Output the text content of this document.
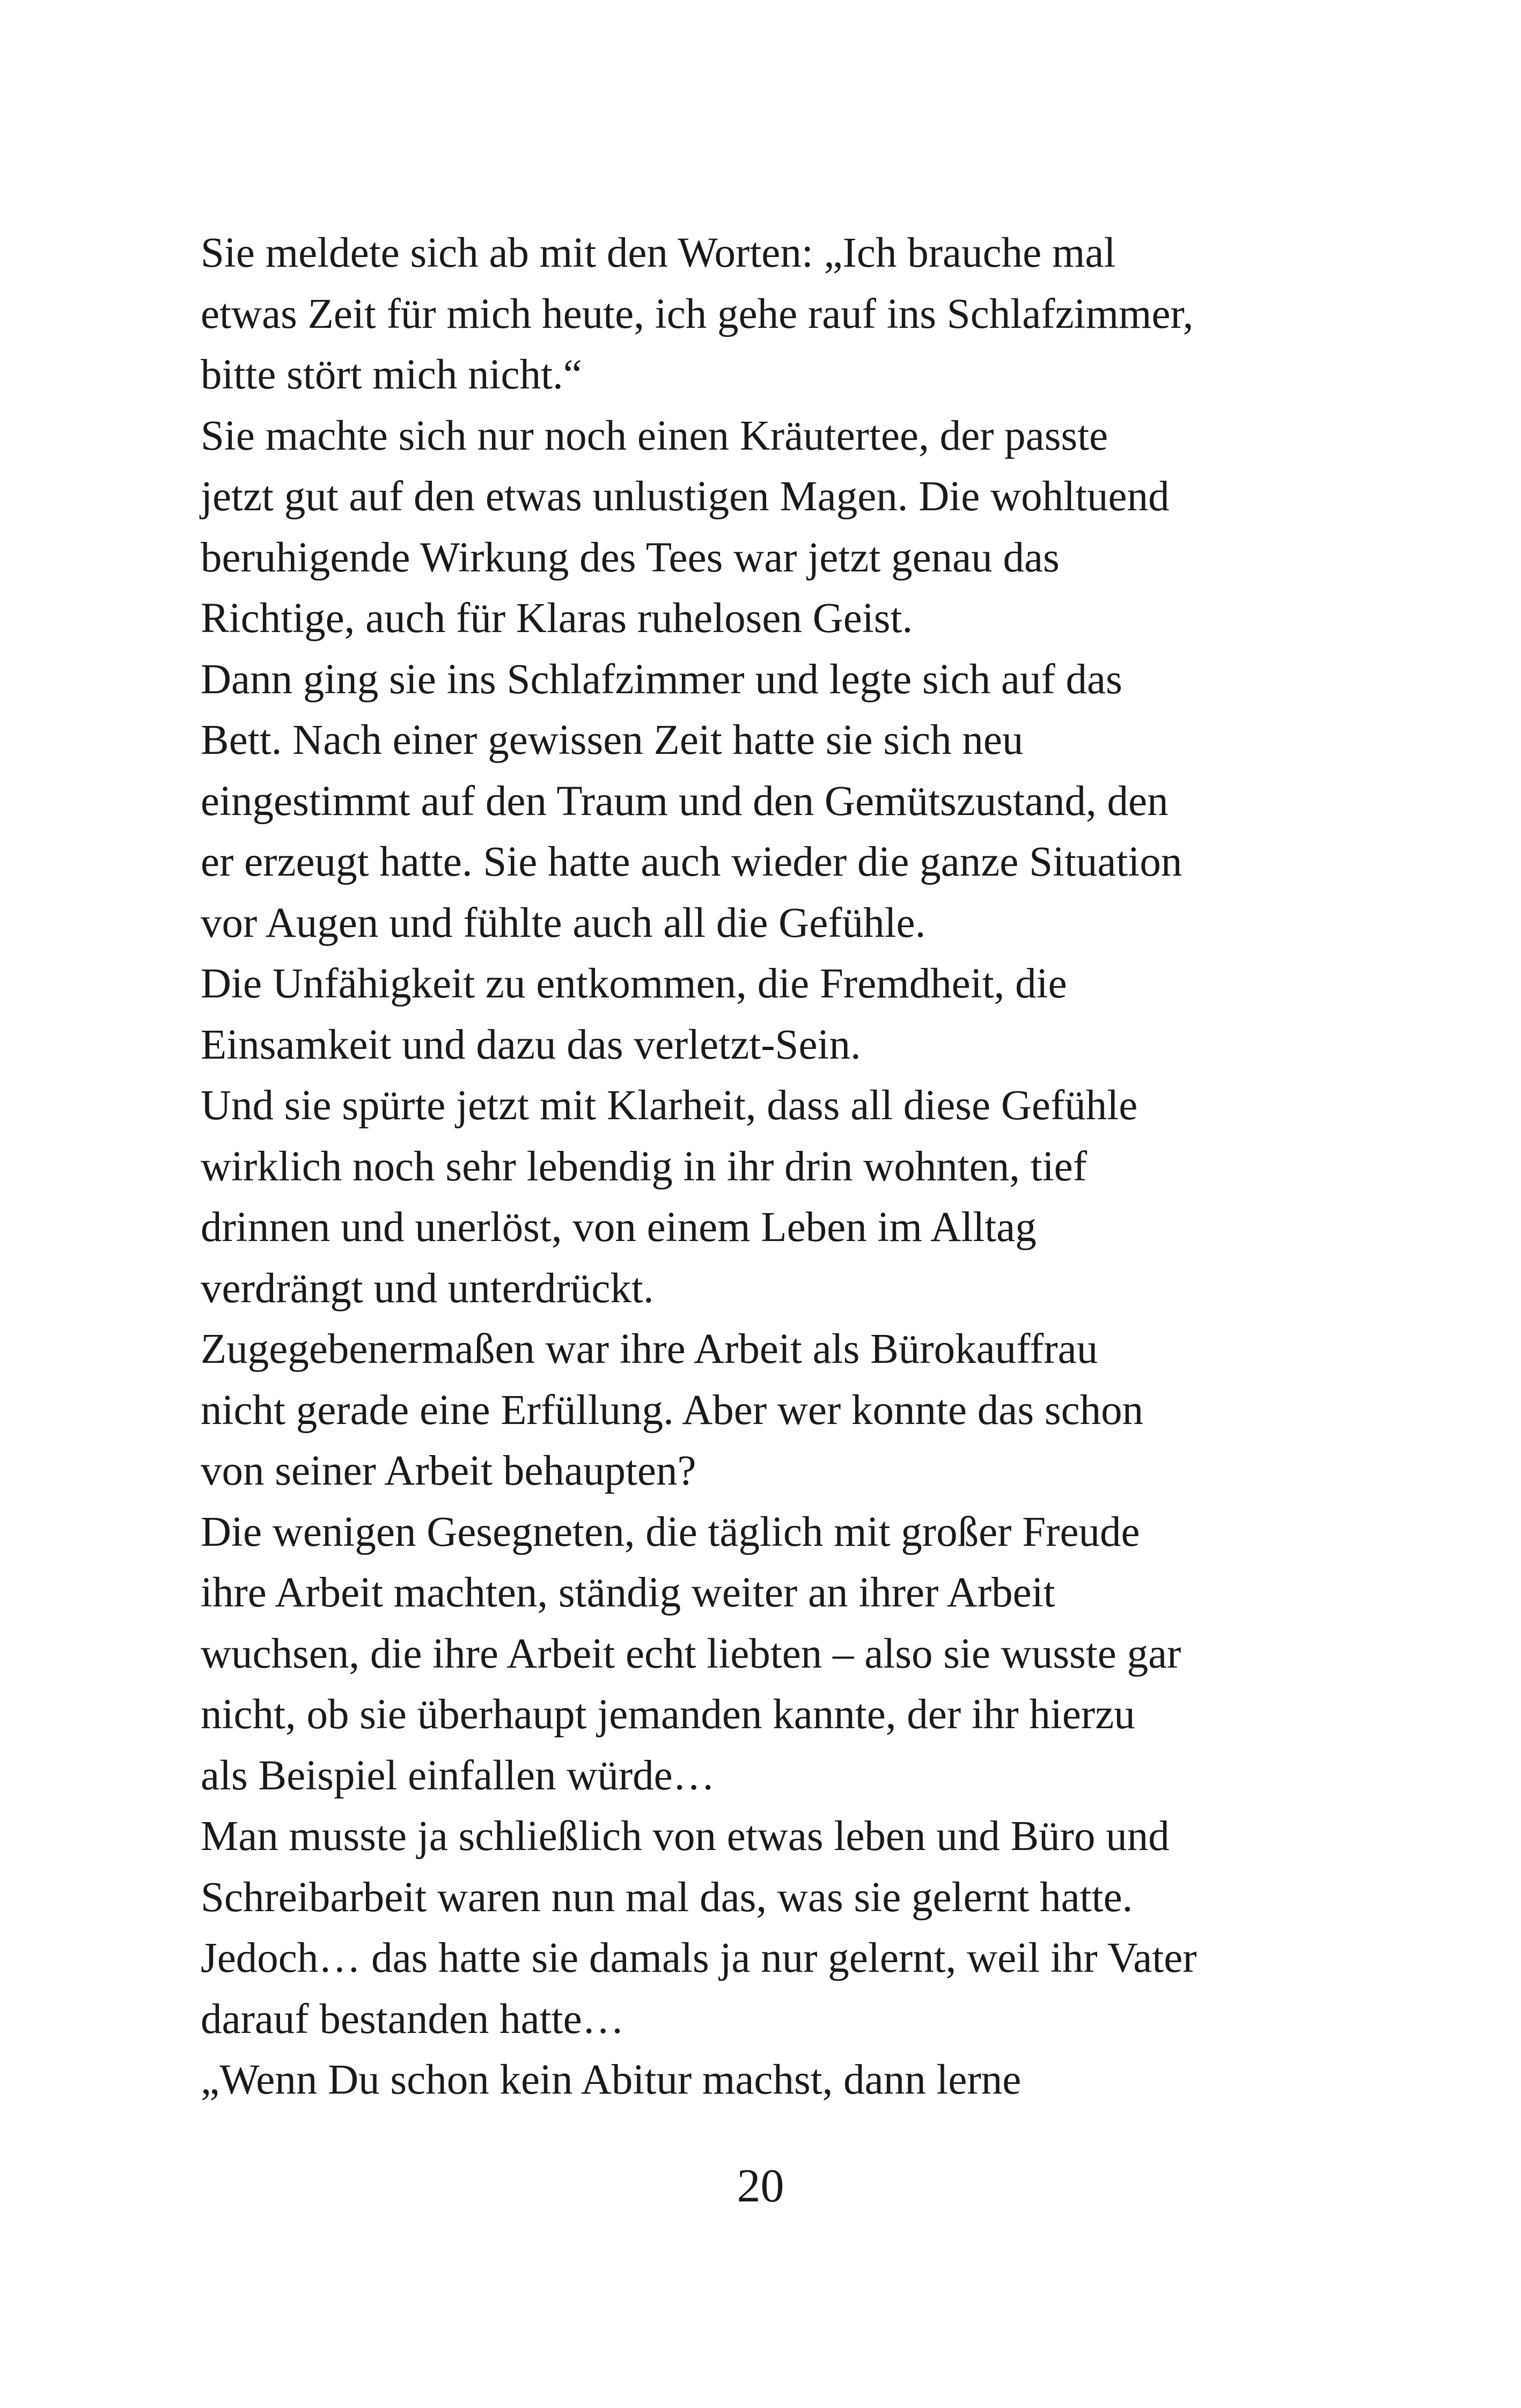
Sie meldete sich ab mit den Worten: „Ich brauche mal
etwas Zeit für mich heute, ich gehe rauf ins Schlafzimmer,
bitte stört mich nicht.“
Sie machte sich nur noch einen Kräutertee, der passte
jetzt gut auf den etwas unlustigen Magen. Die wohltuend
beruhigende Wirkung des Tees war jetzt genau das
Richtige, auch für Klaras ruhelosen Geist.
Dann ging sie ins Schlafzimmer und legte sich auf das
Bett. Nach einer gewissen Zeit hatte sie sich neu
eingestimmt auf den Traum und den Gemütszustand, den
er erzeugt hatte. Sie hatte auch wieder die ganze Situation
vor Augen und fühlte auch all die Gefühle.
Die Unfähigkeit zu entkommen, die Fremdheit, die
Einsamkeit und dazu das verletzt-Sein.
Und sie spürte jetzt mit Klarheit, dass all diese Gefühle
wirklich noch sehr lebendig in ihr drin wohnten, tief
drinnen und unerlöst, von einem Leben im Alltag
verdrängt und unterdrückt.
Zugegebenermaßen war ihre Arbeit als Bürokauffrau
nicht gerade eine Erfüllung. Aber wer konnte das schon
von seiner Arbeit behaupten?
Die wenigen Gesegneten, die täglich mit großer Freude
ihre Arbeit machten, ständig weiter an ihrer Arbeit
wuchsen, die ihre Arbeit echt liebten – also sie wusste gar
nicht, ob sie überhaupt jemanden kannte, der ihr hierzu
als Beispiel einfallen würde…
Man musste ja schließlich von etwas leben und Büro und
Schreibarbeit waren nun mal das, was sie gelernt hatte.
Jedoch… das hatte sie damals ja nur gelernt, weil ihr Vater
darauf bestanden hatte…
„Wenn Du schon kein Abitur machst, dann lerne
20
